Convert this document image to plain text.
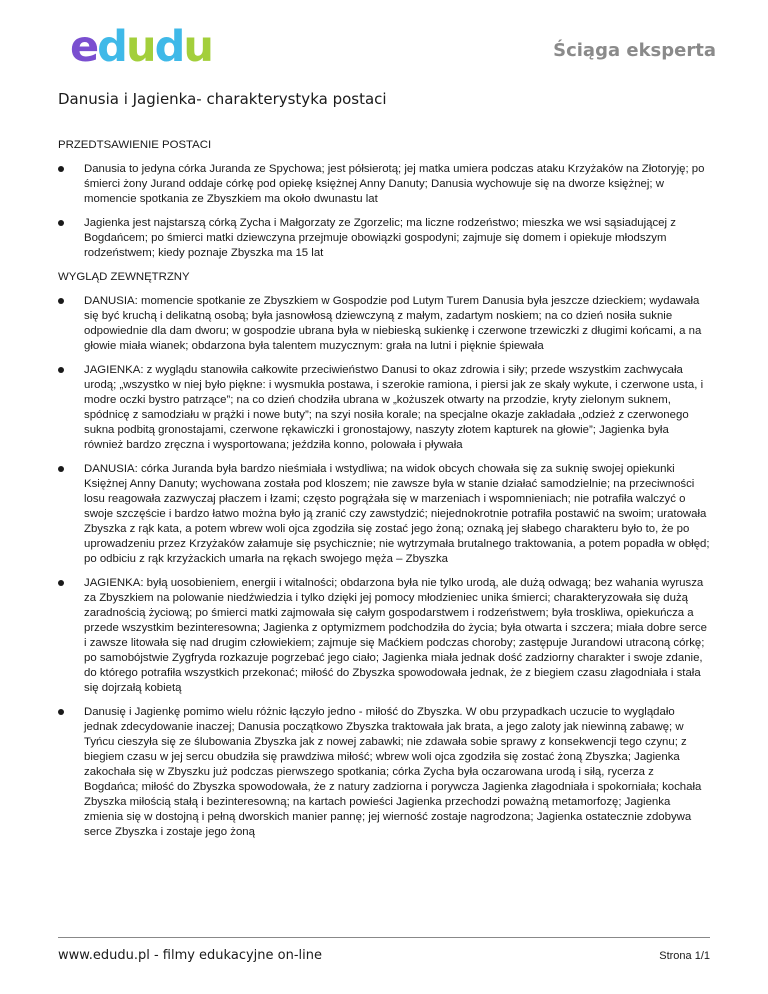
edudu	Ściąga eksperta
Danusia i Jagienka- charakterystyka postaci
PRZEDTSAWIENIE POSTACI
Danusia to jedyna córka Juranda ze Spychowa; jest półsierotą; jej matka umiera podczas ataku Krzyżaków na Złotoryję; po śmierci żony Jurand oddaje córkę pod opiekę księżnej Anny Danuty; Danusia wychowuje się na dworze księżnej; w momencie spotkania ze Zbyszkiem ma około dwunastu lat
Jagienka jest najstarszą córką Zycha i Małgorzaty ze Zgorzelic; ma liczne rodzeństwo; mieszka we wsi sąsiadującej z Bogdańcem; po śmierci matki dziewczyna przejmuje obowiązki gospodyni; zajmuje się domem i opiekuje młodszym rodzeństwem; kiedy poznaje Zbyszka ma 15 lat
WYGLĄD ZEWNĘTRZNY
DANUSIA: momencie spotkanie ze Zbyszkiem w Gospodzie pod Lutym Turem Danusia była jeszcze dzieckiem; wydawała się być kruchą i delikatną osobą; była jasnowłosą dziewczyną z małym, zadartym noskiem; na co dzień nosiła suknie odpowiednie dla dam dworu; w gospodzie ubrana była w niebieską sukienkę i czerwone trzewiczki z długimi końcami, a na głowie miała wianek; obdarzona była talentem muzycznym: grała na lutni i pięknie śpiewała
JAGIENKA: z wyglądu stanowiła całkowite przeciwieństwo Danusi to okaz zdrowia i siły; przede wszystkim zachwycała urodą; „wszystko w niej było piękne: i wysmukła postawa, i szerokie ramiona, i piersi jak ze skały wykute, i czerwone usta, i modre oczki bystro patrzące”; na co dzień chodziła ubrana w „kożuszek otwarty na przodzie, kryty zielonym suknem, spódnicę z samodziału w prążki i nowe buty”; na szyi nosiła korale; na specjalne okazje zakładała „odzież z czerwonego sukna podbitą gronostajami, czerwone rękawiczki i gronostajowy, naszyty złotem kapturek na głowie”; Jagienka była również bardzo zręczna i wysportowana; jeździła konno, polowała i pływała
DANUSIA: córka Juranda była bardzo nieśmiała i wstydliwa; na widok obcych chowała się za suknię swojej opiekunki Księżnej Anny Danuty; wychowana została pod kloszem; nie zawsze była w stanie działać samodzielnie; na przeciwności losu reagowała zazwyczaj płaczem i łzami; często pogrążała się w marzeniach i wspomnieniach; nie potrafiła walczyć o swoje szczęście i bardzo łatwo można było ją zranić czy zawstydzić; niejednokrotnie potrafiła postawić na swoim; uratowała Zbyszka z rąk kata, a potem wbrew woli ojca zgodziła się zostać jego żoną; oznaką jej słabego charakteru było to, że po uprowadzeniu przez Krzyżaków załamuje się psychicznie; nie wytrzymała brutalnego traktowania, a potem popadła w obłęd; po odbiciu z rąk krzyżackich umarła na rękach swojego męża – Zbyszka
JAGIENKA: byłą uosobieniem, energii i witalności; obdarzona była nie tylko urodą, ale dużą odwagą; bez wahania wyrusza za Zbyszkiem na polowanie niedźwiedzia i tylko dzięki jej pomocy młodzieniec unika śmierci; charakteryzowała się dużą zaradnością życiową; po śmierci matki zajmowała się całym gospodarstwem i rodzeństwem; była troskliwa, opiekuńcza a przede wszystkim bezinteresowna; Jagienka z optymizmem podchodziła do życia; była otwarta i szczera; miała dobre serce i zawsze litowała się nad drugim człowiekiem; zajmuje się Maćkiem podczas choroby; zastępuje Jurandowi utraconą córkę; po samobójstwie Zygfryda rozkazuje pogrzebać jego ciało; Jagienka miała jednak dość zadziorny charakter i swoje zdanie, do którego potrafiła wszystkich przekonać; miłość do Zbyszka spowodowała jednak, że z biegiem czasu złagodniała i stała się dojrzałą kobietą
Danusię i Jagienkę pomimo wielu różnic łączyło jedno - miłość do Zbyszka. W obu przypadkach uczucie to wyglądało jednak zdecydowanie inaczej; Danusia początkowo Zbyszka traktowała jak brata, a jego zaloty jak niewinną zabawę; w Tyńcu cieszyła się ze ślubowania Zbyszka jak z nowej zabawki; nie zdawała sobie sprawy z konsekwencji tego czynu; z biegiem czasu w jej sercu obudziła się prawdziwa miłość; wbrew woli ojca zgodziła się zostać żoną Zbyszka; Jagienka zakochała się w Zbyszku już podczas pierwszego spotkania; córka Zycha była oczarowana urodą i siłą, rycerza z Bogdańca; miłość do Zbyszka spowodowała, że z natury zadziorna i porywcza Jagienka złagodniała i spokorniała; kochała Zbyszka miłością stałą i bezinteresowną; na kartach powieści Jagienka przechodzi poważną metamorfozę; Jagienka zmienia się w dostojną i pełną dworskich manier pannę; jej wierność zostaje nagrodzona; Jagienka ostatecznie zdobywa serce Zbyszka i zostaje jego żoną
www.edudu.pl - filmy edukacyjne on-line	Strona 1/1
